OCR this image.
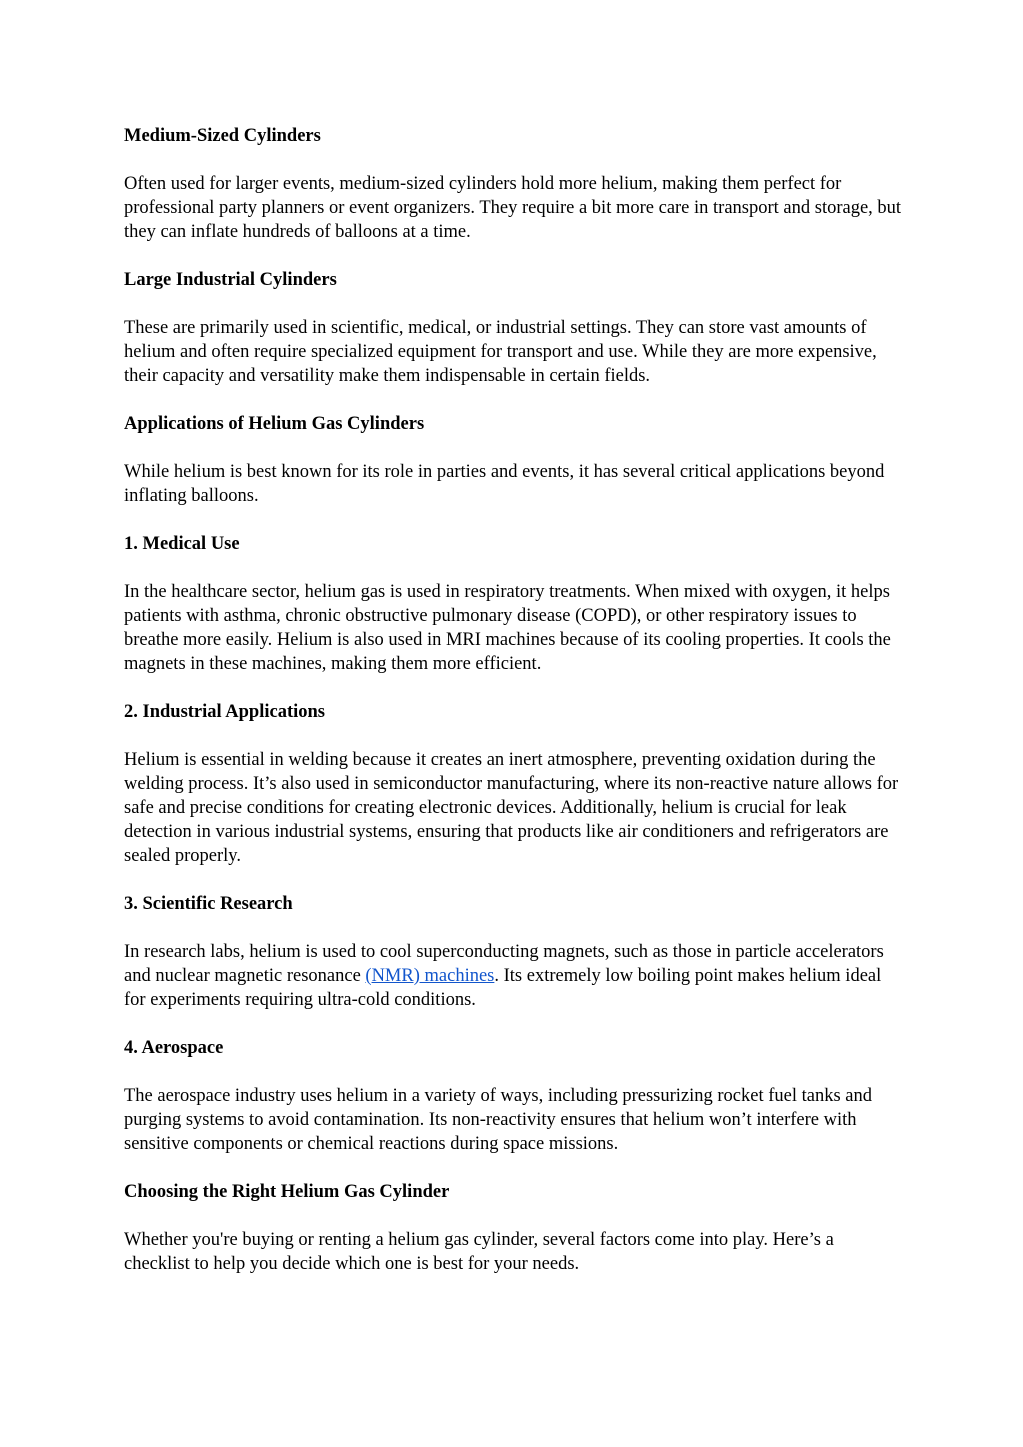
Medium-Sized Cylinders

Often used for larger events, medium-sized cylinders hold more helium, making them perfect for professional party planners or event organizers. They require a bit more care in transport and storage, but they can inflate hundreds of balloons at a time.

Large Industrial Cylinders

These are primarily used in scientific, medical, or industrial settings. They can store vast amounts of helium and often require specialized equipment for transport and use. While they are more expensive, their capacity and versatility make them indispensable in certain fields.

Applications of Helium Gas Cylinders

While helium is best known for its role in parties and events, it has several critical applications beyond inflating balloons.

1. Medical Use

In the healthcare sector, helium gas is used in respiratory treatments. When mixed with oxygen, it helps patients with asthma, chronic obstructive pulmonary disease (COPD), or other respiratory issues to breathe more easily. Helium is also used in MRI machines because of its cooling properties. It cools the magnets in these machines, making them more efficient.

2. Industrial Applications

Helium is essential in welding because it creates an inert atmosphere, preventing oxidation during the welding process. It’s also used in semiconductor manufacturing, where its non-reactive nature allows for safe and precise conditions for creating electronic devices. Additionally, helium is crucial for leak detection in various industrial systems, ensuring that products like air conditioners and refrigerators are sealed properly.

3. Scientific Research

In research labs, helium is used to cool superconducting magnets, such as those in particle accelerators and nuclear magnetic resonance (NMR) machines. Its extremely low boiling point makes helium ideal for experiments requiring ultra-cold conditions.

4. Aerospace

The aerospace industry uses helium in a variety of ways, including pressurizing rocket fuel tanks and purging systems to avoid contamination. Its non-reactivity ensures that helium won’t interfere with sensitive components or chemical reactions during space missions.

Choosing the Right Helium Gas Cylinder

Whether you're buying or renting a helium gas cylinder, several factors come into play. Here’s a checklist to help you decide which one is best for your needs.
